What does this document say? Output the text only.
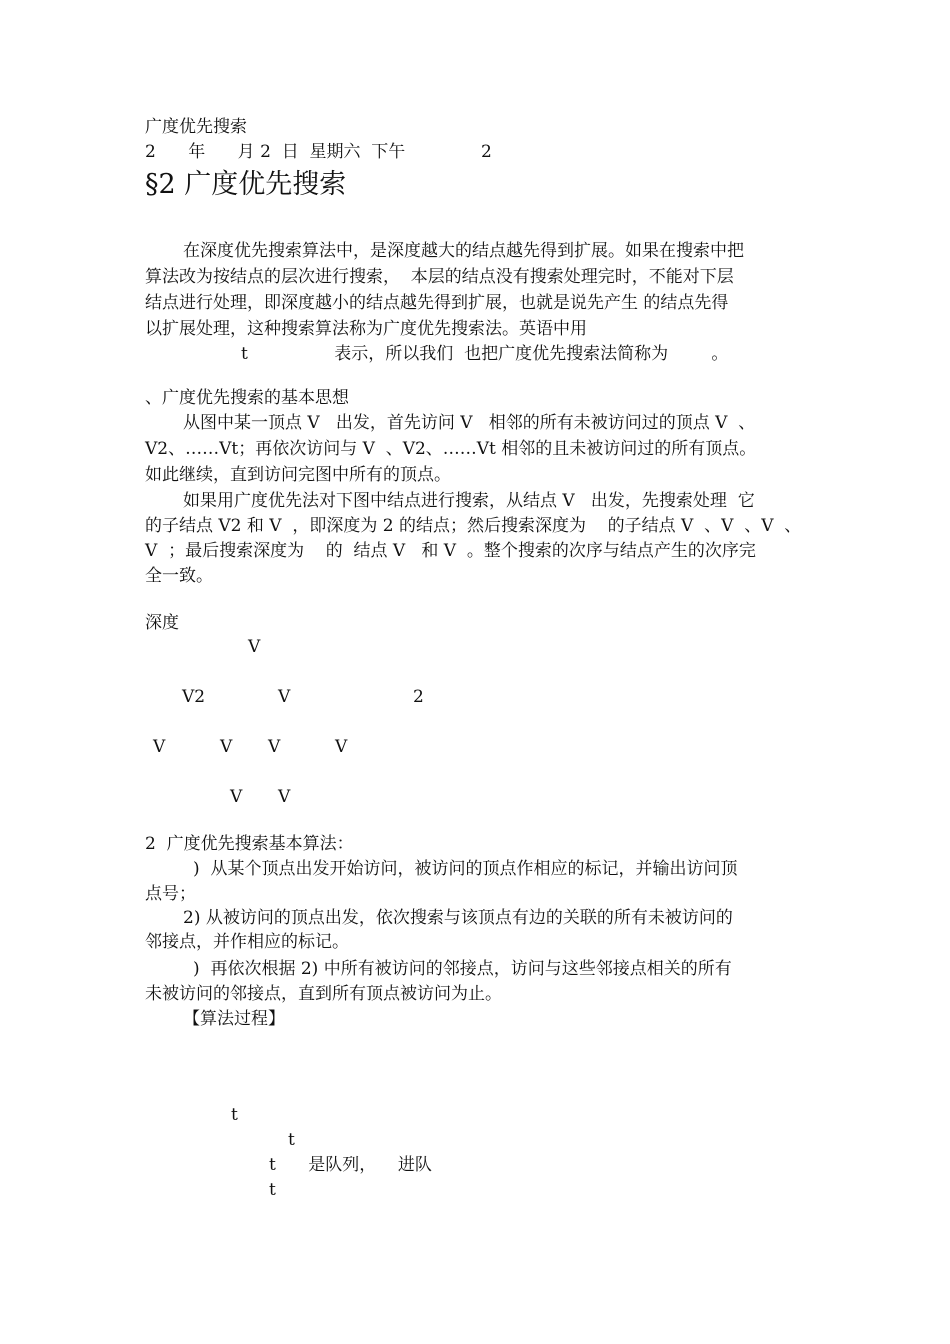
广度优先搜索
2      年      月 2  日  星期六  下午              2
§2 广度优先搜索
在深度优先搜索算法中，是深度越大的结点越先得到扩展。如果在搜索中把
算法改为按结点的层次进行搜索，  本层的结点没有搜索处理完时，不能对下层
结点进行处理，即深度越小的结点越先得到扩展，也就是说先产生 的结点先得
以扩展处理，这种搜索算法称为广度优先搜索法。英语中用
t                表示，所以我们  也把广度优先搜索法简称为        。
、广度优先搜索的基本思想
从图中某一顶点 V   出发，首先访问 V   相邻的所有未被访问过的顶点 V  、
V2、……Vt；再依次访问与 V  、V2、……Vt 相邻的且未被访问过的所有顶点。
如此继续，直到访问完图中所有的顶点。
如果用广度优先法对下图中结点进行搜索，从结点 V   出发，先搜索处理  它
的子结点 V2 和 V  ，即深度为 2 的结点；然后搜索深度为    的子结点 V  、V  、V  、
V  ；最后搜索深度为    的  结点 V   和 V  。整个搜索的次序与结点产生的次序完
全一致。
深度
V
V2	V	2
V	V V	V
V V
2  广度优先搜索基本算法：
)  从某个顶点出发开始访问，被访问的顶点作相应的标记，并输出访问顶
点号；
2) 从被访问的顶点出发，依次搜索与该顶点有边的关联的所有未被访问的
邻接点，并作相应的标记。
)  再依次根据 2) 中所有被访问的邻接点，访问与这些邻接点相关的所有
未被访问的邻接点，直到所有顶点被访问为止。
【算法过程】
t
t
t      是队列，    进队
t
